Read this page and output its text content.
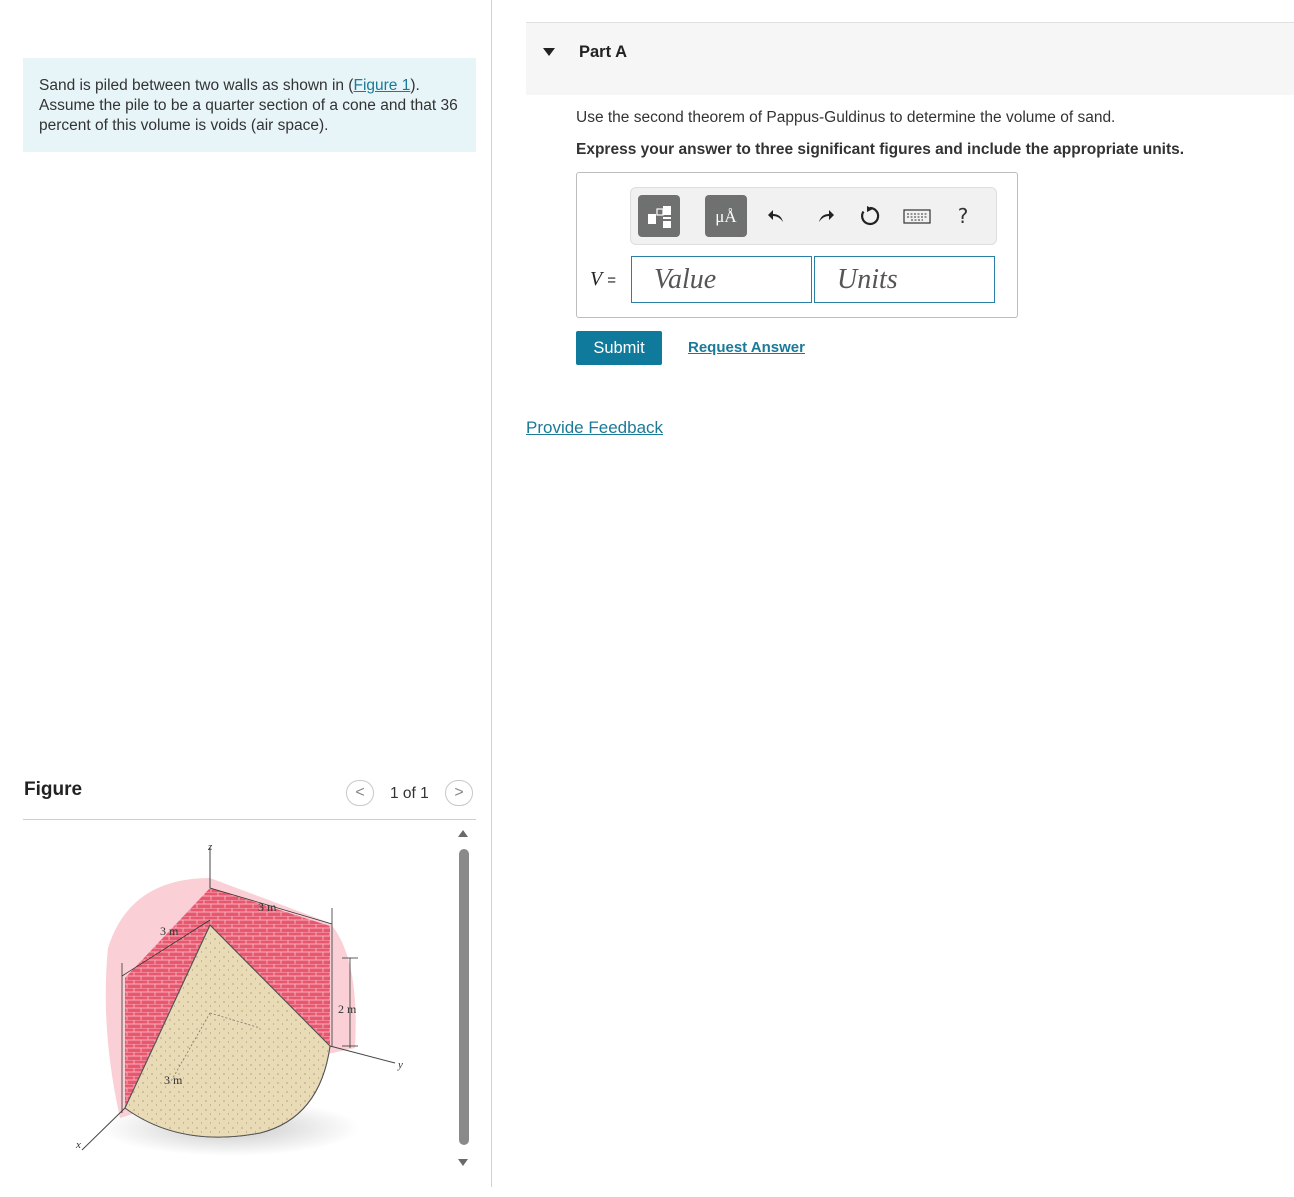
Sand is piled between two walls as shown in (Figure 1). Assume the pile to be a quarter section of a cone and that 36 percent of this volume is voids (air space).
Figure	< 1 of 1 >
z
x
y
3 m
3 m
2 m
3 m
Part A
Use the second theorem of Pappus-Guldinus to determine the volume of sand.
Express your answer to three significant figures and include the appropriate units.
μÅ	?
V =
Value
Units
Submit	Request Answer
Provide Feedback
